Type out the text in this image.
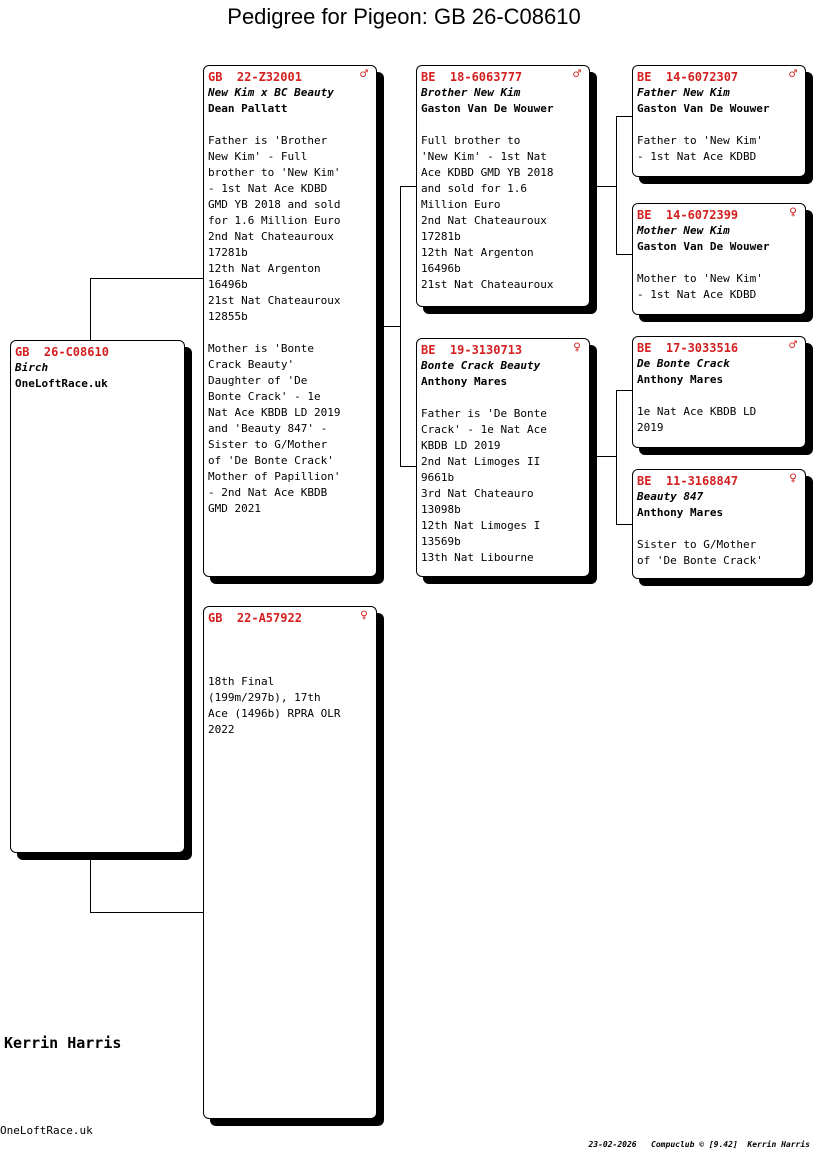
Pedigree for Pigeon: GB 26-C08610
GB  26-C08610
Birch
OneLoftRace.uk
GB  22-Z32001	♂
New Kim x BC Beauty
Dean Pallatt
Father is 'Brother
New Kim' - Full
brother to 'New Kim'
- 1st Nat Ace KDBD
GMD YB 2018 and sold
for 1.6 Million Euro
2nd Nat Chateauroux
17281b
12th Nat Argenton
16496b
21st Nat Chateauroux
12855b

Mother is 'Bonte
Crack Beauty'
Daughter of 'De
Bonte Crack' - 1e
Nat Ace KBDB LD 2019
and 'Beauty 847' -
Sister to G/Mother
of 'De Bonte Crack'
Mother of Papillion'
- 2nd Nat Ace KBDB
GMD 2021
GB  22-A57922	♀
18th Final
(199m/297b), 17th
Ace (1496b) RPRA OLR
2022
BE  18-6063777	♂
Brother New Kim
Gaston Van De Wouwer
Full brother to
'New Kim' - 1st Nat
Ace KDBD GMD YB 2018
and sold for 1.6
Million Euro
2nd Nat Chateauroux
17281b
12th Nat Argenton
16496b
21st Nat Chateauroux
BE  19-3130713	♀
Bonte Crack Beauty
Anthony Mares
Father is 'De Bonte
Crack' - 1e Nat Ace
KBDB LD 2019
2nd Nat Limoges II
9661b
3rd Nat Chateauro
13098b
12th Nat Limoges I
13569b
13th Nat Libourne
BE  14-6072307	♂
Father New Kim
Gaston Van De Wouwer
Father to 'New Kim'
- 1st Nat Ace KDBD
BE  14-6072399	♀
Mother New Kim
Gaston Van De Wouwer
Mother to 'New Kim'
- 1st Nat Ace KDBD
BE  17-3033516	♂
De Bonte Crack
Anthony Mares
1e Nat Ace KBDB LD
2019
BE  11-3168847	♀
Beauty 847
Anthony Mares
Sister to G/Mother
of 'De Bonte Crack'
Kerrin Harris
OneLoftRace.uk
23-02-2026   Compuclub © [9.42]  Kerrin Harris
